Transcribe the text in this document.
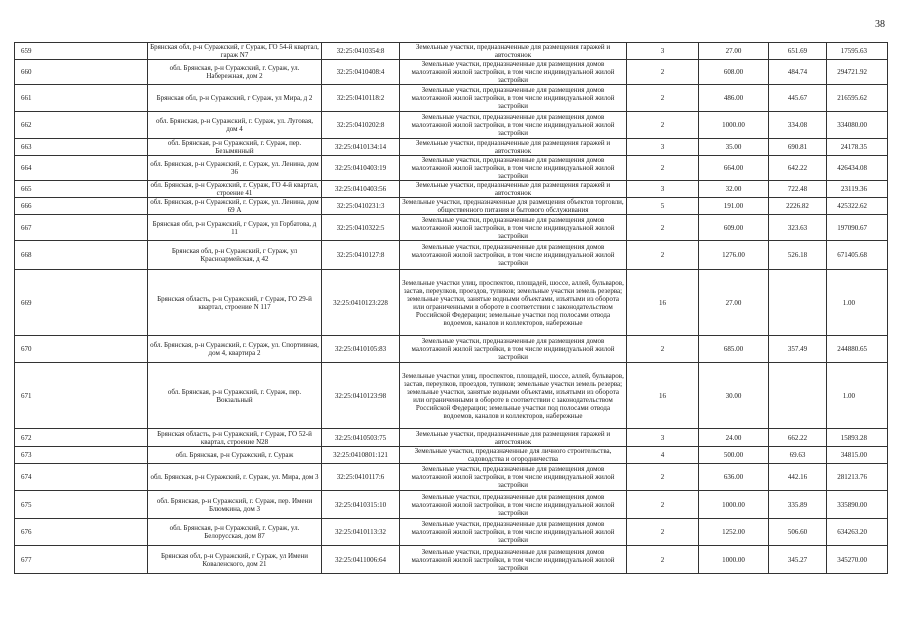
38
659	Брянская обл, р-н Суражский, г Сураж, ГО 54-й квартал, гараж N7	32:25:0410354:8	Земельные участки, предназначенные для размещения гаражей и автостоянок	3	27.00	651.69	17595.63
660	обл. Брянская, р-н Суражский, г. Сураж, ул. Набережная, дом 2	32:25:0410408:4	Земельные участки, предназначенные для размещения домов малоэтажной жилой застройки, в том числе индивидуальной жилой застройки	2	608.00	484.74	294721.92
661	Брянская обл, р-н Суражский, г Сураж, ул Мира, д 2	32:25:0410118:2	Земельные участки, предназначенные для размещения домов малоэтажной жилой застройки, в том числе индивидуальной жилой застройки	2	486.00	445.67	216595.62
662	обл. Брянская, р-н Суражский, г. Сураж, ул. Луговая, дом 4	32:25:0410202:8	Земельные участки, предназначенные для размещения домов малоэтажной жилой застройки, в том числе индивидуальной жилой застройки	2	1000.00	334.08	334080.00
663	обл. Брянская, р-н Суражский, г. Сураж, пер. Безымянный	32:25:0410134:14	Земельные участки, предназначенные для размещения гаражей и автостоянок	3	35.00	690.81	24178.35
664	обл. Брянская, р-н Суражский, г. Сураж, ул. Ленина, дом 36	32:25:0410403:19	Земельные участки, предназначенные для размещения домов малоэтажной жилой застройки, в том числе индивидуальной жилой застройки	2	664.00	642.22	426434.08
665	обл. Брянская, р-н Суражский, г. Сураж, ГО 4-й квартал, строение 41	32:25:0410403:56	Земельные участки, предназначенные для размещения гаражей и автостоянок	3	32.00	722.48	23119.36
666	обл. Брянская, р-н Суражский, г. Сураж, ул. Ленина, дом 69 А	32:25:0410231:3	Земельные участки, предназначенные для размещения объектов торговли, общественного питания и бытового обслуживания	5	191.00	2226.82	425322.62
667	Брянская обл, р-н Суражский, г Сураж, ул Горбатова, д 11	32:25:0410322:5	Земельные участки, предназначенные для размещения домов малоэтажной жилой застройки, в том числе индивидуальной жилой застройки	2	609.00	323.63	197090.67
668	Брянская обл, р-н Суражский, г Сураж, ул Красноармейская, д 42	32:25:0410127:8	Земельные участки, предназначенные для размещения домов малоэтажной жилой застройки, в том числе индивидуальной жилой застройки	2	1276.00	526.18	671405.68
669	Брянская область, р-н Суражский, г Сураж, ГО 29-й квартал, строение N 117	32:25:0410123:228	Земельные участки улиц, проспектов, площадей, шоссе, аллей, бульваров, застав, переулков, проездов, тупиков; земельные участки земель резерва; земельные участки, занятые водными объектами, изъятыми из оборота или ограниченными в обороте в соответствии с законодательством Российской Федерации; земельные участки под полосами отвода водоемов, каналов и коллекторов, набережные	16	27.00		1.00
670	обл. Брянская, р-н Суражский, г. Сураж, ул. Спортивная, дом 4, квартира 2	32:25:0410105:83	Земельные участки, предназначенные для размещения домов малоэтажной жилой застройки, в том числе индивидуальной жилой застройки	2	685.00	357.49	244880.65
671	обл. Брянская, р-н Суражский, г. Сураж, пер. Вокзальный	32:25:0410123:98	Земельные участки улиц, проспектов, площадей, шоссе, аллей, бульваров, застав, переулков, проездов, тупиков; земельные участки земель резерва; земельные участки, занятые водными объектами, изъятыми из оборота или ограниченными в обороте в соответствии с законодательством Российской Федерации; земельные участки под полосами отвода водоемов, каналов и коллекторов, набережные	16	30.00		1.00
672	Брянская область, р-н Суражский, г Сураж, ГО 52-й квартал, строение N28	32:25:0410503:75	Земельные участки, предназначенные для размещения гаражей и автостоянок	3	24.00	662.22	15893.28
673	обл. Брянская, р-н Суражский, г. Сураж	32:25:0410801:121	Земельные участки, предназначенные для личного строительства, садоводства и огородничества	4	500.00	69.63	34815.00
674	обл. Брянская, р-н Суражский, г. Сураж, ул. Мира, дом 3	32:25:0410117:6	Земельные участки, предназначенные для размещения домов малоэтажной жилой застройки, в том числе индивидуальной жилой застройки	2	636.00	442.16	281213.76
675	обл. Брянская, р-н Суражский, г. Сураж, пер. Имени Блюмкина, дом 3	32:25:0410315:10	Земельные участки, предназначенные для размещения домов малоэтажной жилой застройки, в том числе индивидуальной жилой застройки	2	1000.00	335.89	335890.00
676	обл. Брянская, р-н Суражский, г. Сураж, ул. Белорусская, дом 87	32:25:0410113:32	Земельные участки, предназначенные для размещения домов малоэтажной жилой застройки, в том числе индивидуальной жилой застройки	2	1252.00	506.60	634263.20
677	Брянская обл, р-н Суражский, г Сураж, ул Имени Коваленского, дом 21	32:25:0411006:64	Земельные участки, предназначенные для размещения домов малоэтажной жилой застройки, в том числе индивидуальной жилой застройки	2	1000.00	345.27	345270.00
